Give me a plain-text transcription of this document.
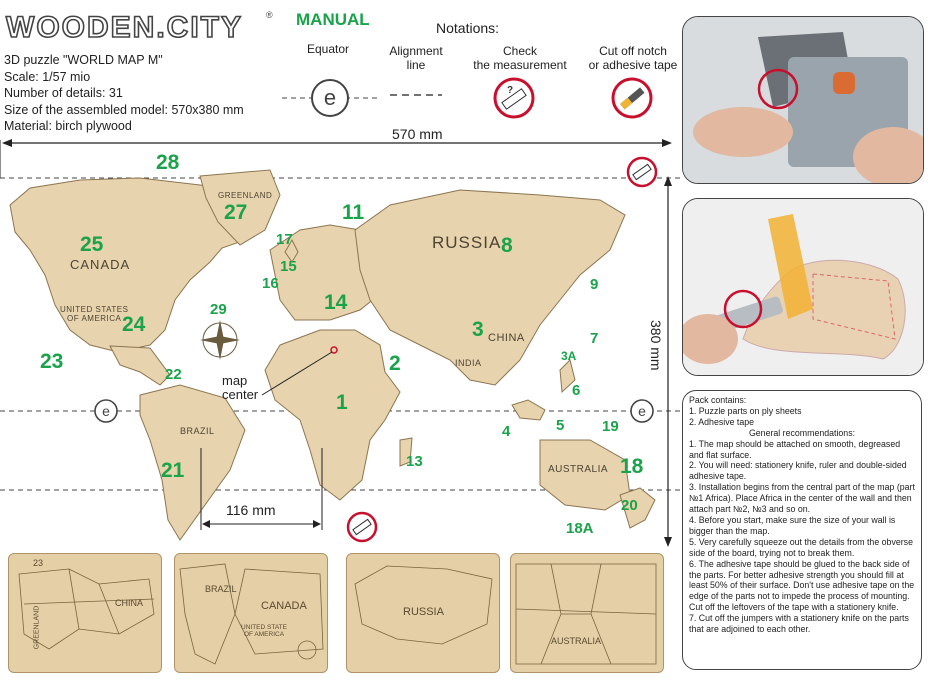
WOODEN.CITY	®
3D puzzle "WORLD MAP M"
Scale: 1/57 mio
Number of details: 31
Size of the assembled model: 570x380 mm
Material: birch plywood
MANUAL	Notations:
Equator
e
Alignment
line
Check
the measurement
?
Cut off notch
or adhesive tape
e	e
570 mm
380 mm
116 mm
map
center
CANADA
UNITED STATES
OF AMERICA
GREENLAND
RUSSIA
CHINA
INDIA
BRAZIL
AUSTRALIA
28
27
25
11
8
17
15
16
14
29
24
23
22
3
2
9
7
3A
6
1
4	5	19
13	18
21
20
18A
Pack contains:
1. Puzzle parts on ply sheets
2. Adhesive tape
General recommendations:
1. The map should be attached on smooth, degreased and flat surface.
2. You will need: stationery knife, ruler and double-sided adhesive tape.
3. Installation begins from the central part of the map (part №1 Africa). Place Africa in the center of the wall and then attach part №2, №3 and so on.
4. Before you start, make sure the size of your wall is bigger than the map.
5. Very carefully squeeze out the details from the obverse side of the board, trying not to break them.
6. The adhesive tape should be glued to the back side of the parts. For better adhesive strength you should fill at least 50% of their surface. Don't use adhesive tape on the edge of the parts not to impede the process of mounting. Cut off the leftovers of the tape with a stationery knife.
7. Cut off the jumpers with a stationery knife on the parts that are adjoined to each other.
CHINA
GREENLAND
23
BRAZIL
CANADA
UNITED STATE
OF AMERICA
RUSSIA
AUSTRALIA
